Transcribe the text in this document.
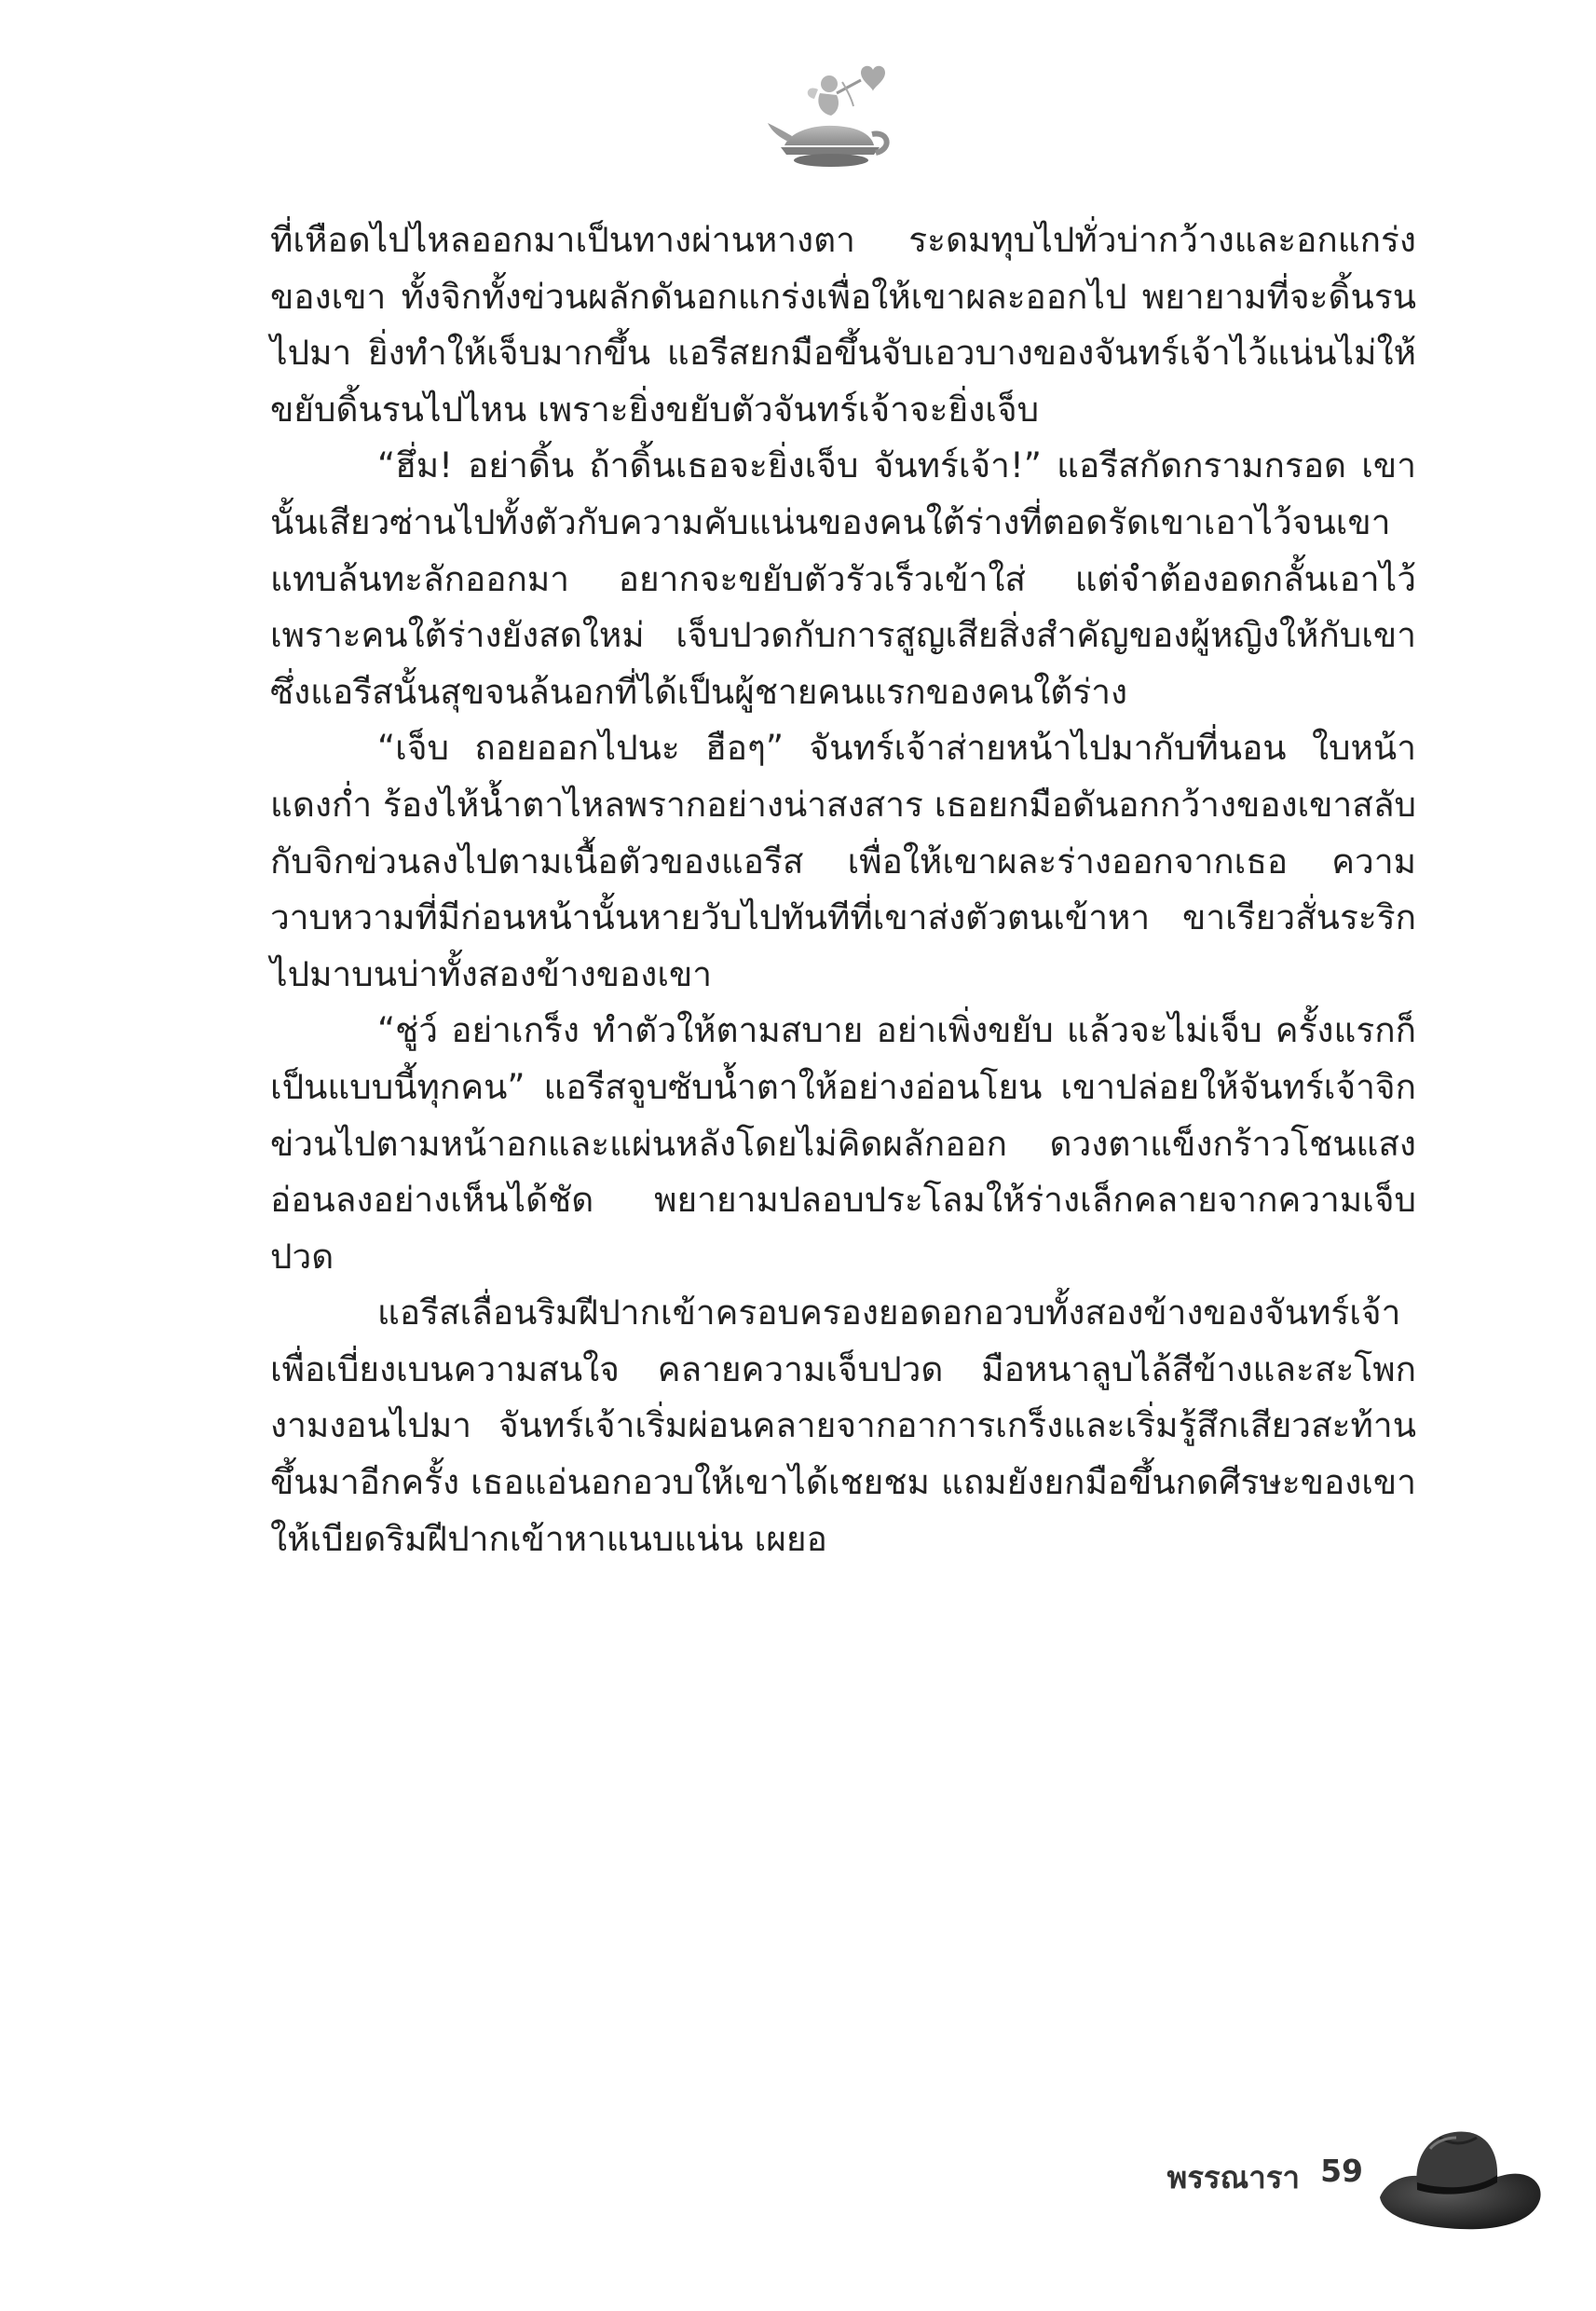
ที่เหือดไปไหลออกมาเป็นทางผ่านหางตา ระดมทุบไปทั่วบ่ากว้างและอกแกร่งของเขา ทั้งจิกทั้งข่วนผลักดันอกแกร่งเพื่อให้เขาผละออกไป พยายามที่จะดิ้นรนไปมา ยิ่งทำให้เจ็บมากขึ้น แอรีสยกมือขึ้นจับเอวบางของจันทร์เจ้าไว้แน่นไม่ให้ขยับดิ้นรนไปไหน เพราะยิ่งขยับตัวจันทร์เจ้าจะยิ่งเจ็บ

“ฮึ่ม! อย่าดิ้น ถ้าดิ้นเธอจะยิ่งเจ็บ จันทร์เจ้า!” แอรีสกัดกรามกรอด เขานั้นเสียวซ่านไปทั้งตัวกับความคับแน่นของคนใต้ร่างที่ตอดรัดเขาเอาไว้จนเขาแทบล้นทะลักออกมา อยากจะขยับตัวรัวเร็วเข้าใส่ แต่จำต้องอดกลั้นเอาไว้ เพราะคนใต้ร่างยังสดใหม่ เจ็บปวดกับการสูญเสียสิ่งสำคัญของผู้หญิงให้กับเขา ซึ่งแอรีสนั้นสุขจนล้นอกที่ได้เป็นผู้ชายคนแรกของคนใต้ร่าง

“เจ็บ ถอยออกไปนะ ฮือๆ” จันทร์เจ้าส่ายหน้าไปมากับที่นอน ใบหน้าแดงก่ำ ร้องไห้น้ำตาไหลพรากอย่างน่าสงสาร เธอยกมือดันอกกว้างของเขาสลับกับจิกข่วนลงไปตามเนื้อตัวของแอรีส เพื่อให้เขาผละร่างออกจากเธอ ความวาบหวามที่มีก่อนหน้านั้นหายวับไปทันทีที่เขาส่งตัวตนเข้าหา ขาเรียวสั่นระริกไปมาบนบ่าทั้งสองข้างของเขา

“ชู่ว์ อย่าเกร็ง ทำตัวให้ตามสบาย อย่าเพิ่งขยับ แล้วจะไม่เจ็บ ครั้งแรกก็เป็นแบบนี้ทุกคน” แอรีสจูบซับน้ำตาให้อย่างอ่อนโยน เขาปล่อยให้จันทร์เจ้าจิกข่วนไปตามหน้าอกและแผ่นหลังโดยไม่คิดผลักออก ดวงตาแข็งกร้าวโชนแสงอ่อนลงอย่างเห็นได้ชัด พยายามปลอบประโลมให้ร่างเล็กคลายจากความเจ็บปวด

แอรีสเลื่อนริมฝีปากเข้าครอบครองยอดอกอวบทั้งสองข้างของจันทร์เจ้าเพื่อเบี่ยงเบนความสนใจ คลายความเจ็บปวด มือหนาลูบไล้สีข้างและสะโพกงามงอนไปมา จันทร์เจ้าเริ่มผ่อนคลายจากอาการเกร็งและเริ่มรู้สึกเสียวสะท้านขึ้นมาอีกครั้ง เธอแอ่นอกอวบให้เขาได้เชยชม แถมยังยกมือขึ้นกดศีรษะของเขาให้เบียดริมฝีปากเข้าหาแนบแน่น เผยอ

พรรณารา 59
